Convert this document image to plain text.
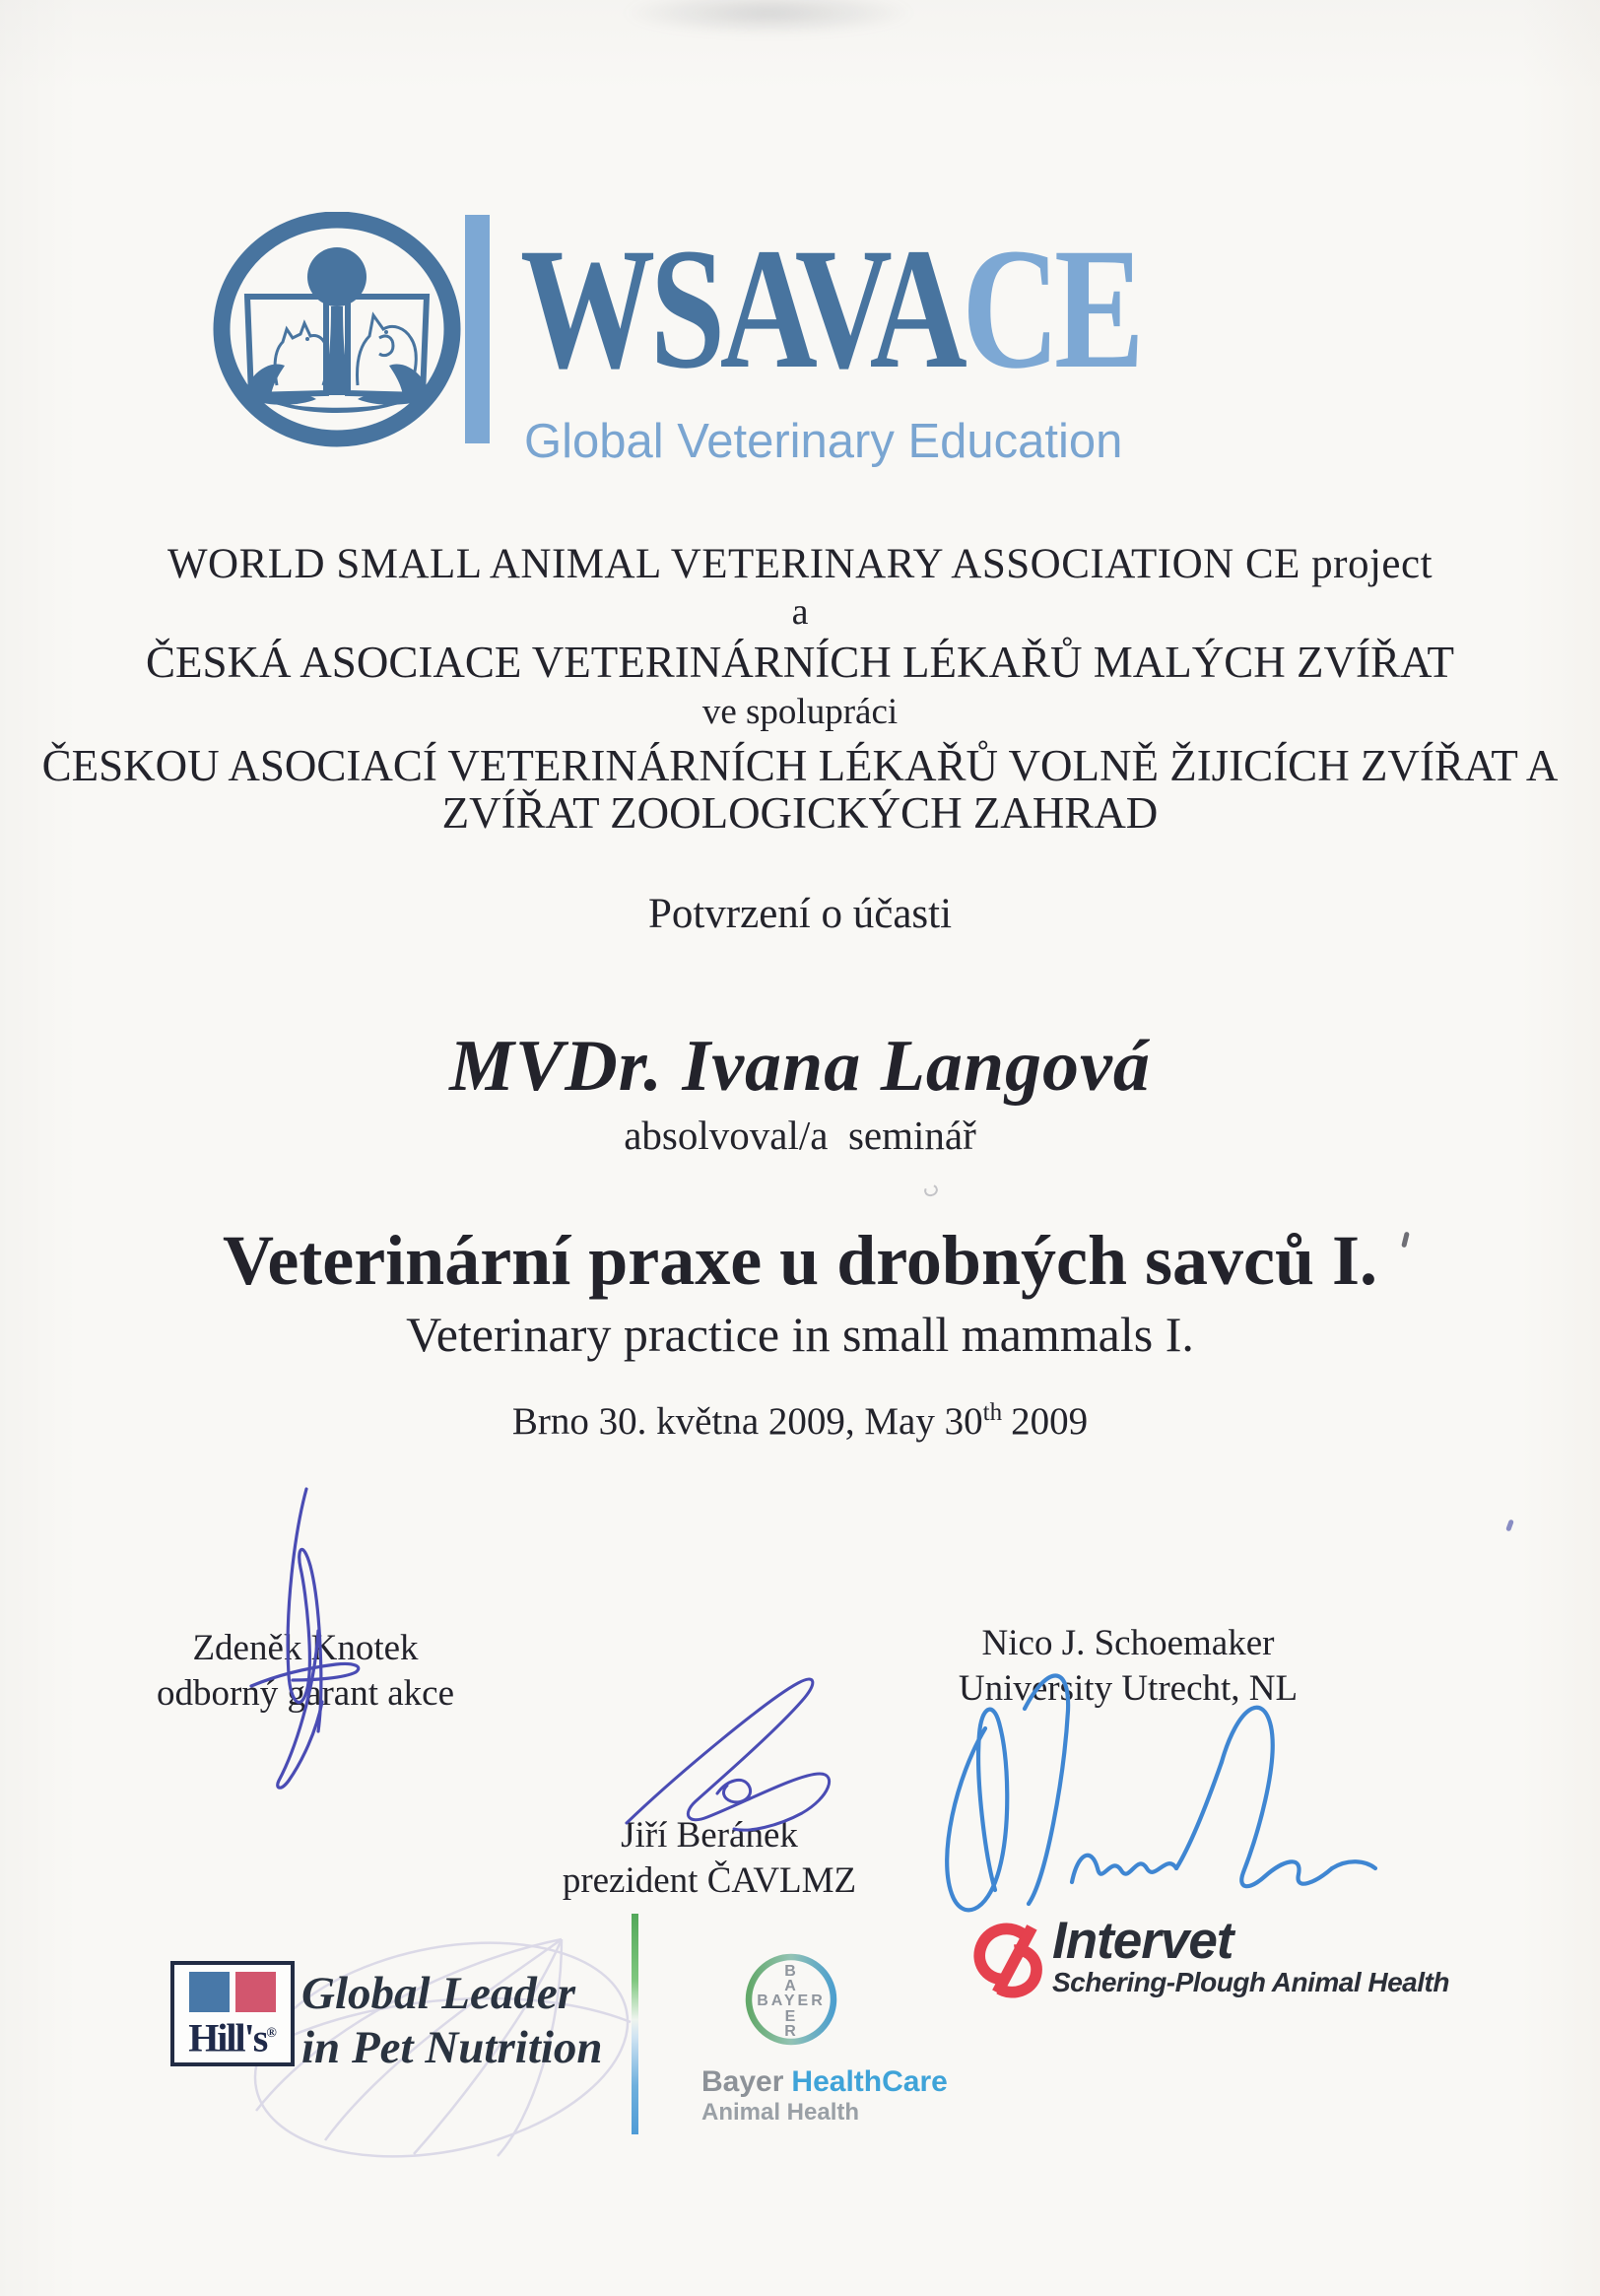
WSAVACE
Global Veterinary Education
WORLD SMALL ANIMAL VETERINARY ASSOCIATION CE project
a
ČESKÁ ASOCIACE VETERINÁRNÍCH LÉKAŘŮ MALÝCH ZVÍŘAT
ve spolupráci
ČESKOU ASOCIACÍ VETERINÁRNÍCH LÉKAŘŮ VOLNĚ ŽIJICÍCH ZVÍŘAT A
ZVÍŘAT ZOOLOGICKÝCH ZAHRAD
Potvrzení o účasti
MVDr. Ivana Langová
absolvoval/a  seminář
Veterinární praxe u drobných savců I.
Veterinary practice in small mammals I.
Brno 30. května 2009, May 30th 2009
Zdeněk Knotek
odborný garant akce
Nico J. Schoemaker
University Utrecht, NL
Jiří Beránek
prezident ČAVLMZ
Hill's®
Global Leader
in Pet Nutrition
BAYER
B
A
E
R
Bayer HealthCare
Animal Health
Intervet
Schering-Plough Animal Health
